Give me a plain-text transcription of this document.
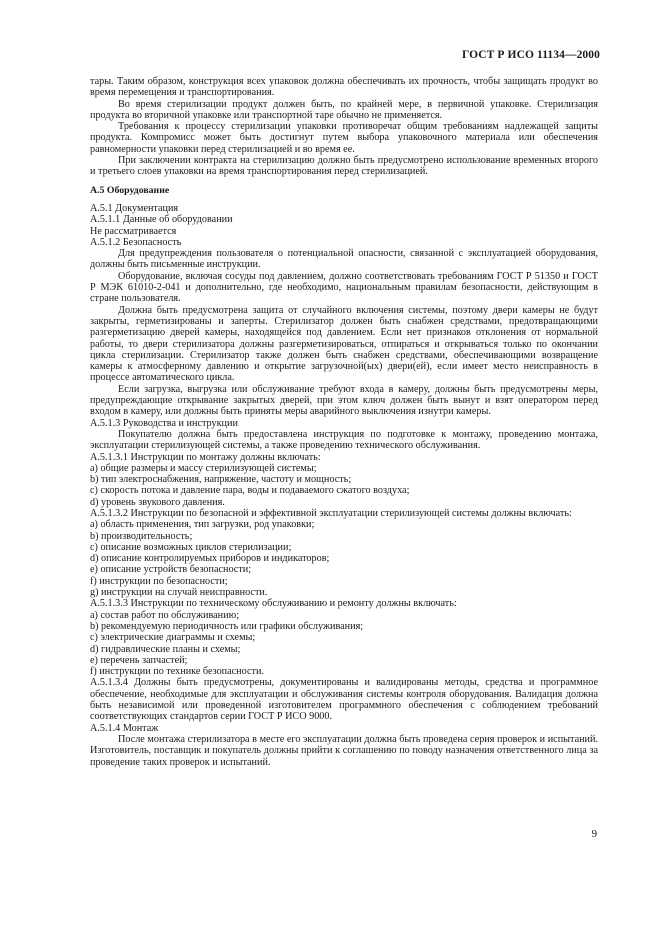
ГОСТ Р ИСО 11134—2000

тары. Таким образом, конструкция всех упаковок должна обеспечивать их прочность, чтобы защищать продукт во время перемещения и транспортирования.

Во время стерилизации продукт должен быть, по крайней мере, в первичной упаковке. Стерилизация продукта во вторичной упаковке или транспортной таре обычно не применяется.

Требования к процессу стерилизации упаковки противоречат общим требованиям надлежащей защиты продукта. Компромисс может быть достигнут путем выбора упаковочного материала или обеспечения равномерности упаковки перед стерилизацией и во время ее.

При заключении контракта на стерилизацию должно быть предусмотрено использование временных второго и третьего слоев упаковки на время транспортирования перед стерилизацией.

А.5 Оборудование

А.5.1 Документация

А.5.1.1 Данные об оборудовании

Не рассматривается

А.5.1.2 Безопасность

Для предупреждения пользователя о потенциальной опасности, связанной с эксплуатацией оборудования, должны быть письменные инструкции.

Оборудование, включая сосуды под давлением, должно соответствовать требованиям ГОСТ Р 51350 и ГОСТ Р МЭК 61010-2-041 и дополнительно, где необходимо, национальным правилам безопасности, действующим в стране пользователя.

Должна быть предусмотрена защита от случайного включения системы, поэтому двери камеры не будут закрыты, герметизированы и заперты. Стерилизатор должен быть снабжен средствами, предотвращающими разгерметизацию дверей камеры, находящейся под давлением. Если нет признаков отклонения от нормальной работы, то двери стерилизатора должны разгерметизироваться, отпираться и открываться только по окончании цикла стерилизации. Стерилизатор также должен быть снабжен средствами, обеспечивающими возвращение камеры к атмосферному давлению и открытие загрузочной(ых) двери(ей), если имеет место неисправность в процессе автоматического цикла.

Если загрузка, выгрузка или обслуживание требуют входа в камеру, должны быть предусмотрены меры, предупреждающие открывание закрытых дверей, при этом ключ должен быть вынут и взят оператором перед входом в камеру, или должны быть приняты меры аварийного выключения изнутри камеры.

А.5.1.3 Руководства и инструкции

Покупателю должна быть предоставлена инструкция по подготовке к монтажу, проведению монтажа, эксплуатации стерилизующей системы, а также проведению технического обслуживания.

А.5.1.3.1 Инструкции по монтажу должны включать:

a) общие размеры и массу стерилизующей системы;

b) тип электроснабжения, напряжение, частоту и мощность;

c) скорость потока и давление пара, воды и подаваемого сжатого воздуха;

d) уровень звукового давления.

А.5.1.3.2 Инструкции по безопасной и эффективной эксплуатации стерилизующей системы должны включать:

a) область применения, тип загрузки, род упаковки;

b) производительность;

c) описание возможных циклов стерилизации;

d) описание контролируемых приборов и индикаторов;

e) описание устройств безопасности;

f) инструкции по безопасности;

g) инструкции на случай неисправности.

А.5.1.3.3 Инструкции по техническому обслуживанию и ремонту должны включать:

a) состав работ по обслуживанию;

b) рекомендуемую периодичность или графики обслуживания;

c) электрические диаграммы и схемы;

d) гидравлические планы и схемы;

e) перечень запчастей;

f) инструкции по технике безопасности.

А.5.1.3.4 Должны быть предусмотрены, документированы и валидированы методы, средства и программное обеспечение, необходимые для эксплуатации и обслуживания системы контроля оборудования. Валидация должна быть независимой или проведенной изготовителем программного обеспечения с соблюдением требований соответствующих стандартов серии ГОСТ Р ИСО 9000.

А.5.1.4 Монтаж

После монтажа стерилизатора в месте его эксплуатации должна быть проведена серия проверок и испытаний. Изготовитель, поставщик и покупатель должны прийти к соглашению по поводу назначения ответственного лица за проведение таких проверок и испытаний.

9
